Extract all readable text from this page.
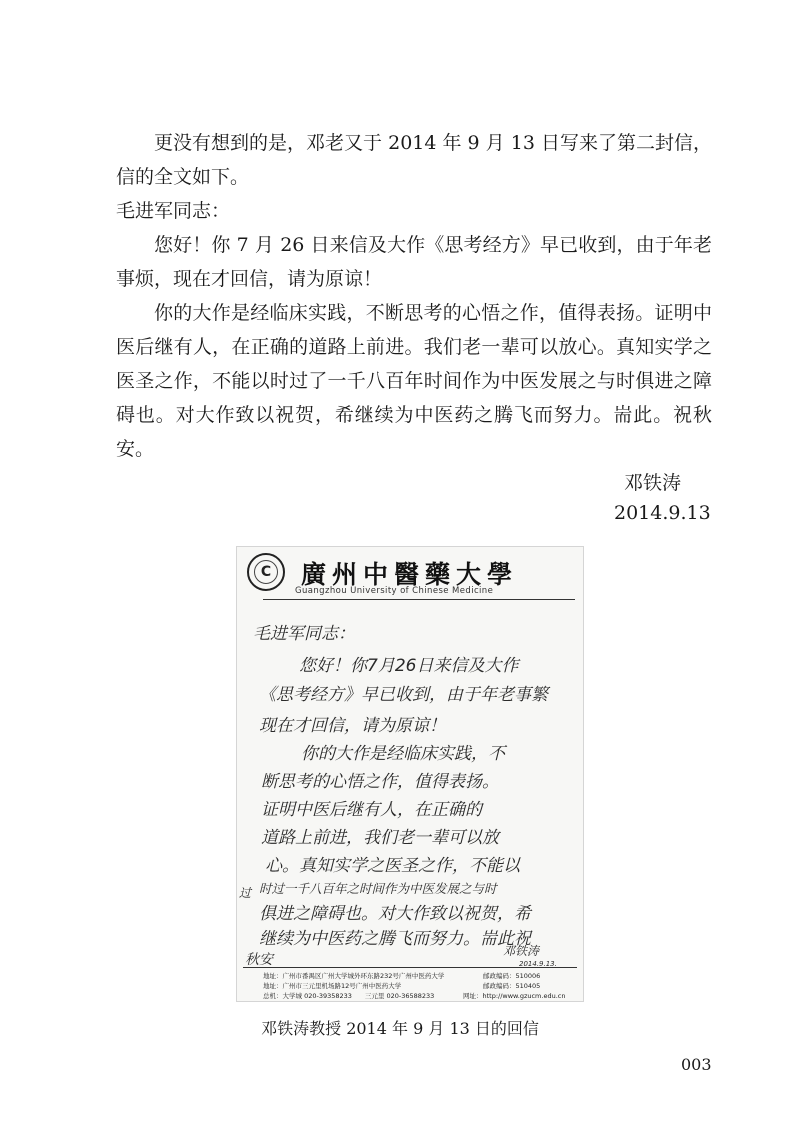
更没有想到的是，邓老又于 2014 年 9 月 13 日写来了第二封信，信的全文如下。

毛进军同志：

您好！你 7 月 26 日来信及大作《思考经方》早已收到，由于年老事烦，现在才回信，请为原谅！

你的大作是经临床实践，不断思考的心悟之作，值得表扬。证明中医后继有人，在正确的道路上前进。我们老一辈可以放心。真知实学之医圣之作，不能以时过了一千八百年时间作为中医发展之与时俱进之障碍也。对大作致以祝贺，希继续为中医药之腾飞而努力。耑此。祝秋安。

邓铁涛
2014.9.13
C 廣州中醫藥大學
Guangzhou University of Chinese Medicine
毛进军同志：
您好！你7月26日来信及大作
《思考经方》早已收到，由于年老事繁
现在才回信，请为原谅！
你的大作是经临床实践，不
断思考的心悟之作，值得表扬。
证明中医后继有人，在正确的
道路上前进，我们老一辈可以放
心。真知实学之医圣之作，不能以
时过一千八百年之时间作为中医发展之与时
俱进之障碍也。对大作致以祝贺，希
继续为中医药之腾飞而努力。耑此祝
秋安
过
邓铁涛
2014.9.13.
地址：广州市番禺区广州大学城外环东路232号广州中医药大学
地址：广州市三元里机场路12号广州中医药大学
总机：大学城 020-39358233　　三元里 020-36588233
邮政编码：510006
邮政编码：510405
网址：http://www.gzucm.edu.cn
邓铁涛教授 2014 年 9 月 13 日的回信
003
